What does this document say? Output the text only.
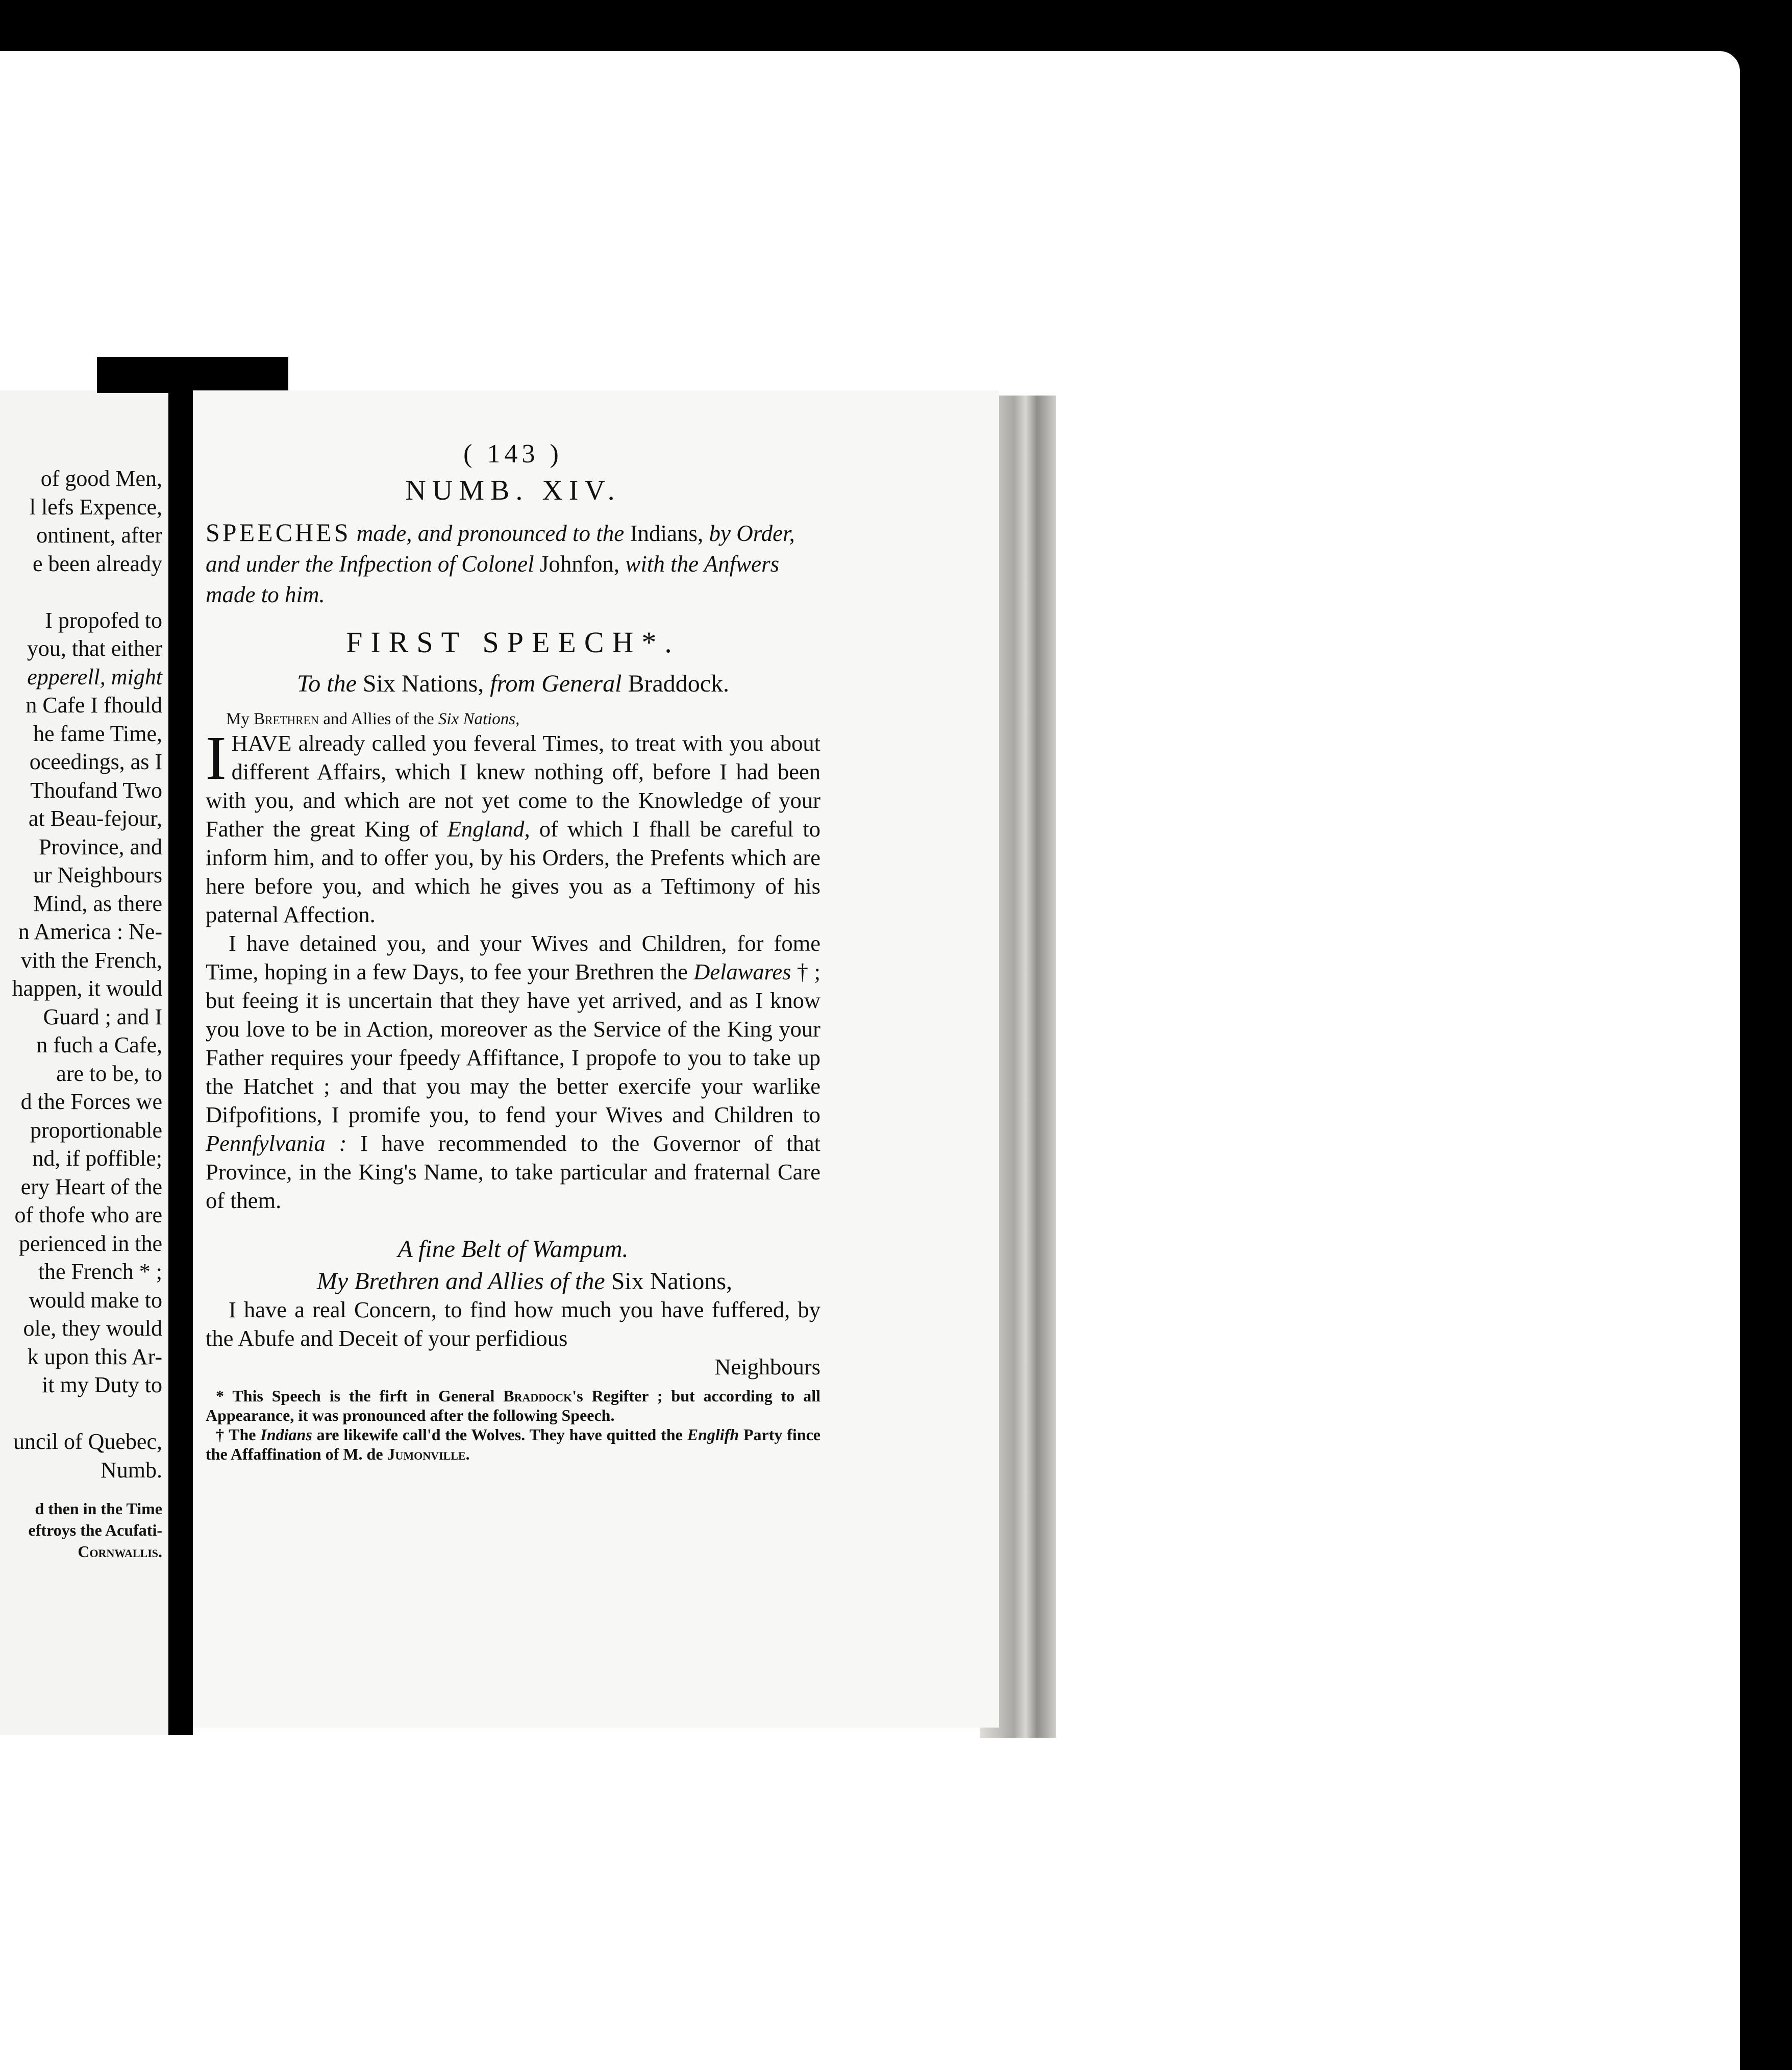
of good Men,
l lefs Expence,
ontinent, after
e been already

I propofed to
you, that either
epperell, might
n Cafe I fhould
he fame Time,
oceedings, as I
Thoufand Two
at Beau-fejour,
Province, and
ur Neighbours
Mind, as there
n America : Ne-
vith the French,
happen, it would
Guard ; and I
n fuch a Cafe,
are to be, to
d the Forces we
proportionable
nd, if poffible;
ery Heart of the
of thofe who are
perienced in the
the French * ;
would make to
ole, they would
k upon this Ar-
it my Duty to

uncil of Quebec,
Numb.
d then in the Time
eftroys the Acufati-
Cornwallis.
( 143 )
NUMB. XIV.
SPEECHES made, and pronounced to the Indians, by Order, and under the Infpection of Colonel Johnfon, with the Anfwers made to him.
FIRST SPEECH*.
To the Six Nations, from General Braddock.
My Brethren and Allies of the Six Nations,

IHAVE already called you feveral Times, to treat with you about different Affairs, which I knew nothing off, before I had been with you, and which are not yet come to the Knowledge of your Father the great King of England, of which I fhall be careful to inform him, and to offer you, by his Orders, the Prefents which are here before you, and which he gives you as a Teftimony of his paternal Affection.

I have detained you, and your Wives and Children, for fome Time, hoping in a few Days, to fee your Brethren the Delawares † ; but feeing it is uncertain that they have yet arrived, and as I know you love to be in Action, moreover as the Service of the King your Father requires your fpeedy Affiftance, I propofe to you to take up the Hatchet ; and that you may the better exercife your warlike Difpofitions, I promife you, to fend your Wives and Children to Pennfylvania : I have recommended to the Governor of that Province, in the King's Name, to take particular and fraternal Care of them.

A fine Belt of Wampum.
My Brethren and Allies of the Six Nations,

I have a real Concern, to find how much you have fuffered, by the Abufe and Deceit of your perfidious

Neighbours

* This Speech is the firft in General Braddock's Regifter ; but according to all Appearance, it was pronounced after the following Speech.

† The Indians are likewife call'd the Wolves. They have quitted the Englifh Party fince the Affaffination of M. de Jumonville.
